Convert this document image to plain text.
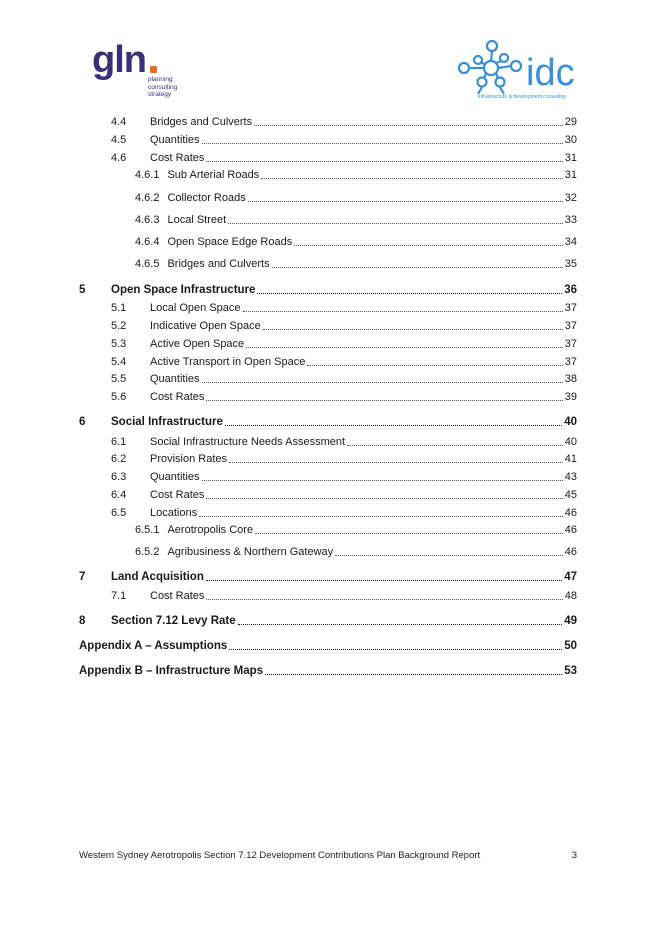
gln planning
consulting
strategy
idc
infrastructure & development consulting
4.4 Bridges and Culverts	29
4.5 Quantities	30
4.6 Cost Rates	31
4.6.1 Sub Arterial Roads	31
4.6.2 Collector Roads	32
4.6.3 Local Street	33
4.6.4 Open Space Edge Roads	34
4.6.5 Bridges and Culverts	35
5 Open Space Infrastructure	36
5.1 Local Open Space	37
5.2 Indicative Open Space	37
5.3 Active Open Space	37
5.4 Active Transport in Open Space	37
5.5 Quantities	38
5.6 Cost Rates	39
6 Social Infrastructure	40
6.1 Social Infrastructure Needs Assessment	40
6.2 Provision Rates	41
6.3 Quantities	43
6.4 Cost Rates	45
6.5 Locations	46
6.5.1 Aerotropolis Core	46
6.5.2 Agribusiness & Northern Gateway	46
7 Land Acquisition	47
7.1 Cost Rates	48
8 Section 7.12 Levy Rate	49
Appendix A – Assumptions	50
Appendix B – Infrastructure Maps	53
Western Sydney Aerotropolis Section 7.12 Development Contributions Plan Background Report	3
